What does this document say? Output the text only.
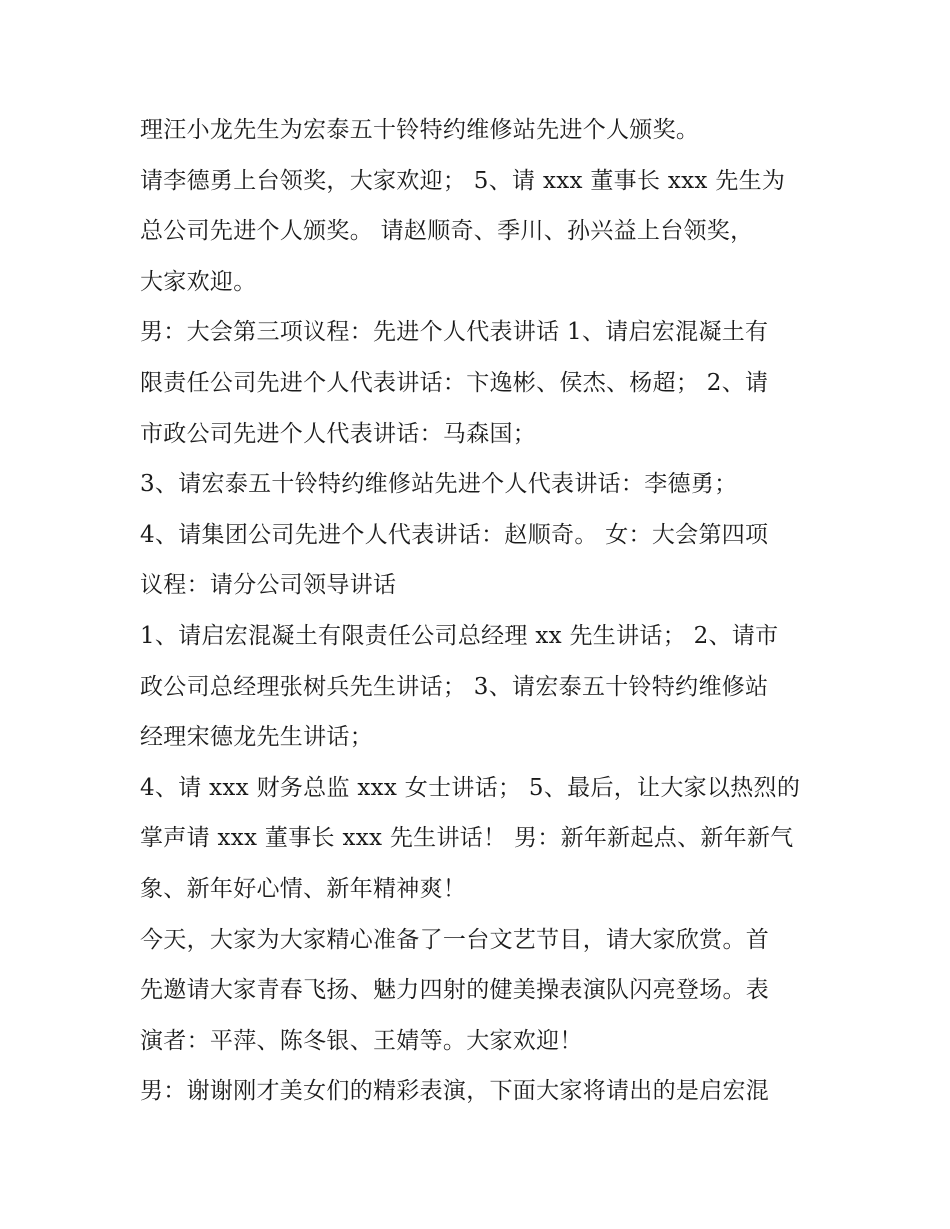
理汪小龙先生为宏泰五十铃特约维修站先进个人颁奖。
请李德勇上台领奖，大家欢迎； 5、请 xxx 董事长 xxx 先生为
总公司先进个人颁奖。 请赵顺奇、季川、孙兴益上台领奖，
大家欢迎。
男：大会第三项议程：先进个人代表讲话 1、请启宏混凝土有
限责任公司先进个人代表讲话：卞逸彬、侯杰、杨超； 2、请
市政公司先进个人代表讲话：马森国；
3、请宏泰五十铃特约维修站先进个人代表讲话：李德勇；
4、请集团公司先进个人代表讲话：赵顺奇。 女：大会第四项
议程：请分公司领导讲话
1、请启宏混凝土有限责任公司总经理 xx 先生讲话； 2、请市
政公司总经理张树兵先生讲话； 3、请宏泰五十铃特约维修站
经理宋德龙先生讲话；
4、请 xxx 财务总监 xxx 女士讲话； 5、最后，让大家以热烈的
掌声请 xxx 董事长 xxx 先生讲话！ 男：新年新起点、新年新气
象、新年好心情、新年精神爽！
今天，大家为大家精心准备了一台文艺节目，请大家欣赏。首
先邀请大家青春飞扬、魅力四射的健美操表演队闪亮登场。表
演者：平萍、陈冬银、王婧等。大家欢迎！
男：谢谢刚才美女们的精彩表演，下面大家将请出的是启宏混
